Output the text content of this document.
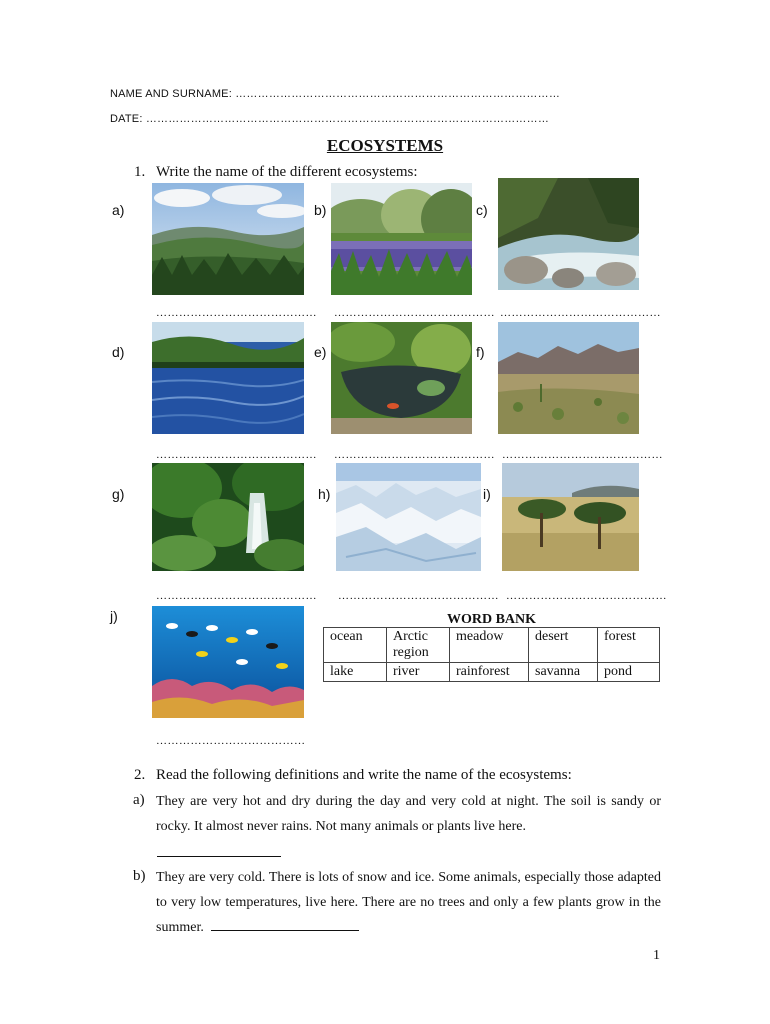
NAME AND SURNAME: ……………………………………………………………………………
DATE: ………………………………………………………………………………………………
ECOSYSTEMS
1. Write the name of the different ecosystems:
a)	b)	c)
…………………………………… …………………………………… ……………………………………
d)	e)	f)
…………………………………… …………………………………… ……………………………………
g)	h)	i)
…………………………………… …………………………………… ……………………………………
j)	WORD BANK
ocean	Arctic region	meadow	desert	forest
lake	river	rainforest	savanna	pond
…………………………………
2. Read the following definitions and write the name of the ecosystems:
a) They are very hot and dry during the day and very cold at night. The soil is sandy or rocky. It almost never rains. Not many animals or plants live here.
b) They are very cold. There is lots of snow and ice. Some animals, especially those adapted to very low temperatures, live here. There are no trees and only a few plants grow in the summer.
1
